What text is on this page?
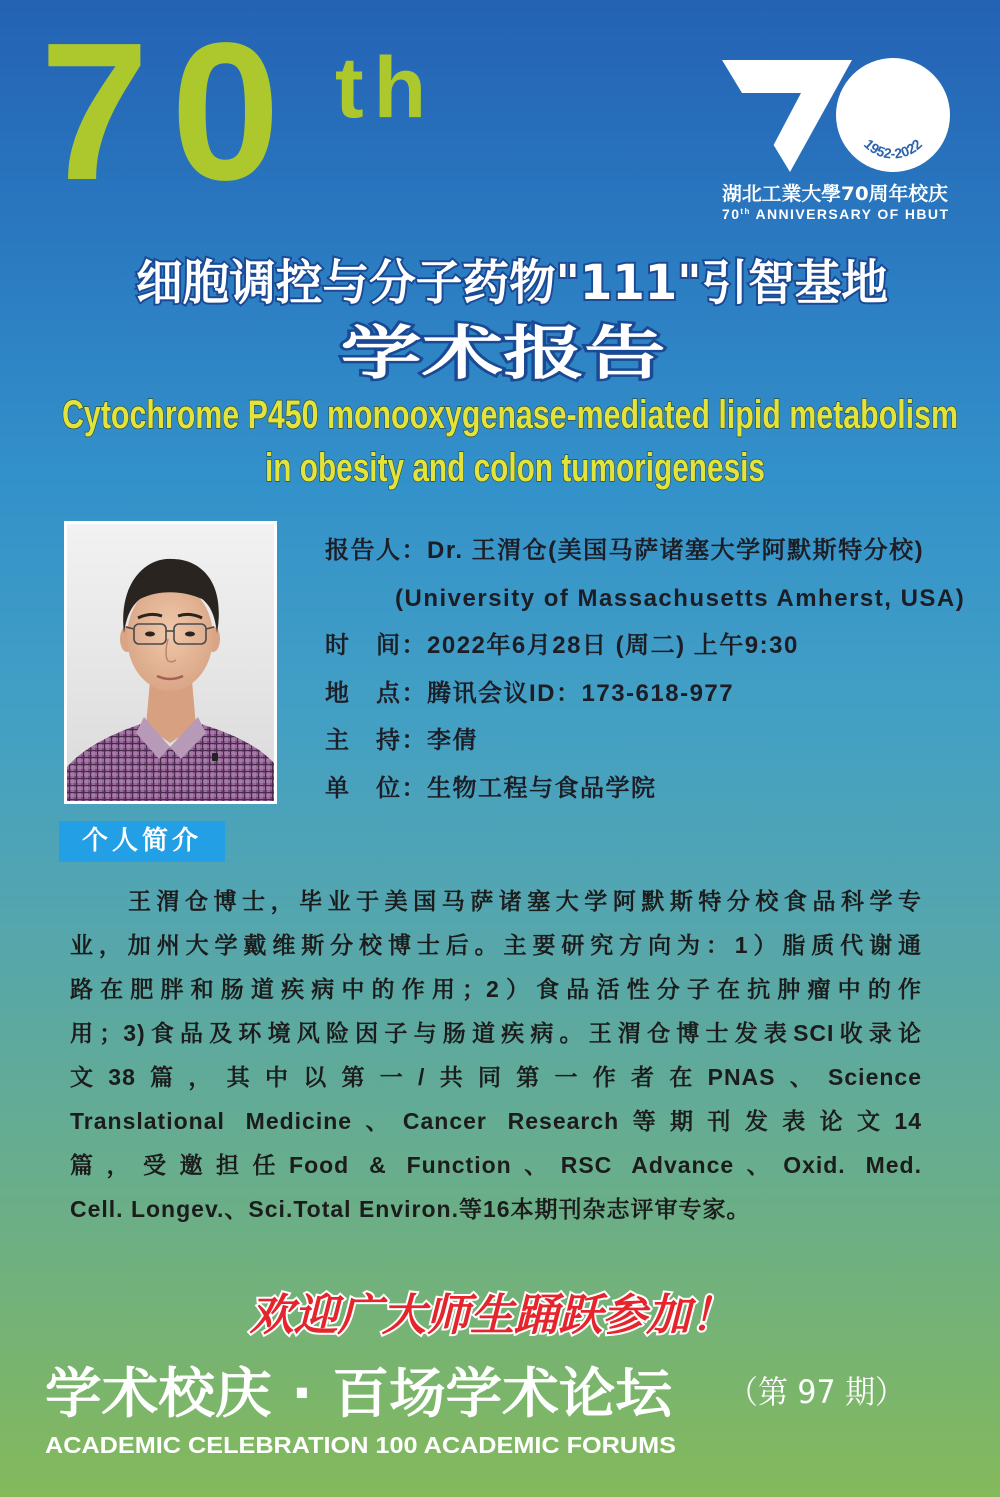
70 th
1952-2022
湖北工業大學 70周年校庆
70th ANNIVERSARY OF HBUT
细胞调控与分子药物"111"引智基地
学术报告
Cytochrome P450 monooxygenase-mediated lipid metabolism
in obesity and colon tumorigenesis
报告人：Dr. 王渭仓(美国马萨诸塞大学阿默斯特分校)
(University of Massachusetts Amherst, USA)
时　间：2022年6月28日 (周二) 上午9:30
地　点：腾讯会议ID：173-618-977
主　持：李倩
单　位：生物工程与食品学院
个人简介
王渭仓博士，毕业于美国马萨诸塞大学阿默斯特分校食品科学专
业，加州大学戴维斯分校博士后。主要研究方向为：1）脂质代谢通
路在肥胖和肠道疾病中的作用；2）食品活性分子在抗肿瘤中的作
用；3)食品及环境风险因子与肠道疾病。王渭仓博士发表SCI收录论
文38篇，其中以第一/共同第一作者在PNAS、Science
Translational Medicine、Cancer Research等期刊发表论文14
篇，受邀担任Food & Function、RSC Advance、Oxid. Med.
Cell. Longev.、Sci.Total Environ.等16本期刊杂志评审专家。
欢迎广大师生踊跃参加！
学术校庆 · 百场学术论坛 （第 97 期）
ACADEMIC CELEBRATION 100 ACADEMIC FORUMS
